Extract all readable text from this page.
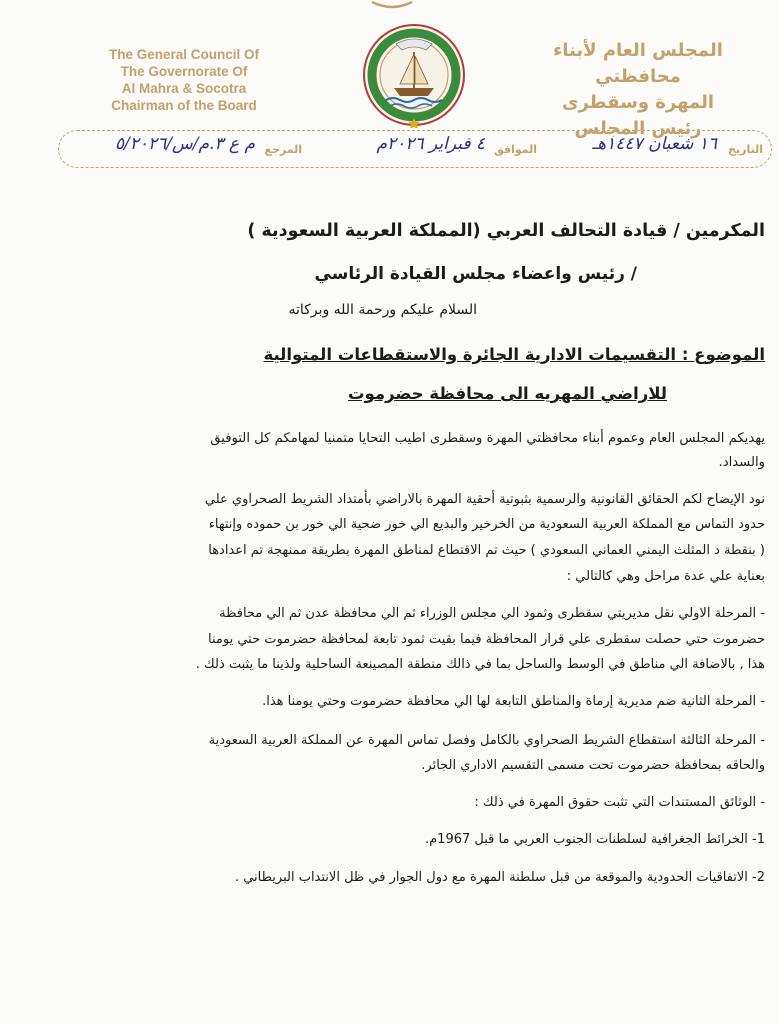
The General Council Of
The Governorate Of
Al Mahra & Socotra
Chairman of the Board
المجلس العام لأبناء محافظتي
المهرة وسقطرى
رئيس المجلس
التاريخ
١٦ شعبان ١٤٤٧هـ
الموافق
٤ فبراير ٢٠٢٦م
المرجع
م ع ٣.م/س/٥/٢٠٢٦
المكرمين / قيادة التحالف العربي (المملكة العربية السعودية )
/ رئيس واعضاء مجلس القيادة الرئاسي
السلام عليكم ورحمة الله وبركاته
الموضوع : التقسيمات الادارية الجائرة والاستقطاعات المتوالية
للاراضي المهريه الى محافظة حضرموت
يهديكم المجلس العام وعموم أبناء محافظتي المهرة وسقطرى اطيب التحايا متمنيا لمهامكم كل التوفيق
والسداد.
نود الإيضاح لكم الحقائق القانونية والرسمية بثبوتية أحقية المهرة بالاراضي بأمتداد الشريط الصحراوي علي
حدود التماس مع المملكة العربية السعودية من الخرخير والبديع الي خور ضحية الي خور بن حموده وإنتهاء
( بنقطة د المثلث اليمني العماني السعودي ) حيث تم الاقتطاع لمناطق المهرة بطريقة ممنهجة تم اعدادها
بعناية علي عدة مراحل وهي كالتالي :
- المرحلة الاولي نقل مديريتي سقطرى وثمود الي مجلس الوزراء ثم الي محافظة عدن ثم الي محافظة
حضرموت حتي حصلت سقطرى علي قرار المحافظة فيما بقيت ثمود تابعة لمحافظة حضرموت حتي يومنا
هذا , بالاضافة الي مناطق في الوسط والساحل بما في ذالك منطقة المصينعة الساحلية ولذينا ما يثبت ذلك .
- المرحلة الثانية ضم مديرية إرماة والمناطق التابعة لها الي محافظة حضرموت وحتي يومنا هذا.
- المرحلة الثالثة استقطاع الشريط الصحراوي بالكامل وفصل تماس المهرة عن المملكة العربية السعودية
والحاقه بمحافظة حضرموت تحت مسمى التقسيم الاداري الجائر.
- الوثائق المستندات التي تثبت حقوق المهرة في ذلك :
1- الخرائط الجغرافية لسلطنات الجنوب العربي ما قبل 1967م.
2- الاتفاقيات الحدودية والموقعة من قبل سلطنة المهرة مع دول الجوار في ظل الانتداب البريطاني .
